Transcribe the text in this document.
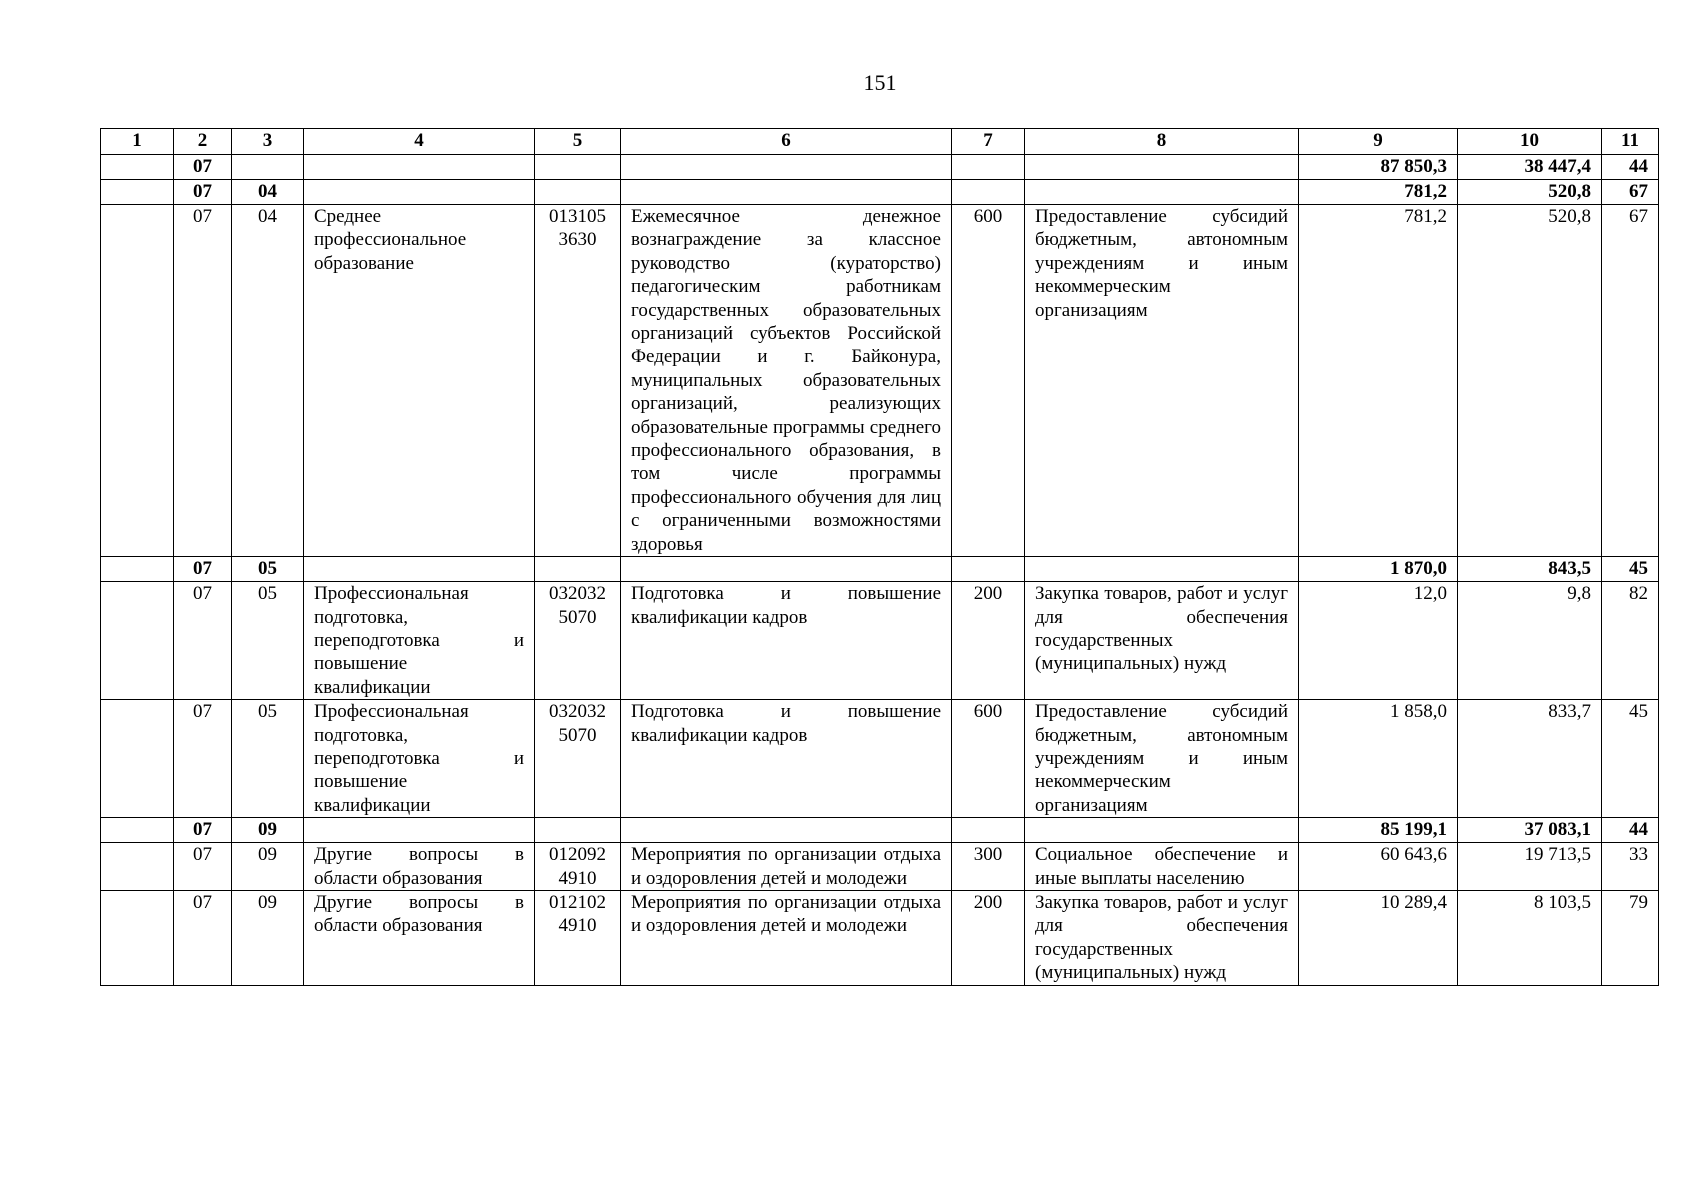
151
1	2	3	4	5	6	7	8	9	10	11
	07							87 850,3	38 447,4	44
	07	04						781,2	520,8	67
	07	04	Среднее профессиональное образование	013105 3630	Ежемесячное денежное вознаграждение за классное руководство (кураторство) педагогическим работникам государственных образовательных организаций субъектов Российской Федерации и г. Байконура, муниципальных образовательных организаций, реализующих образовательные программы среднего профессионального образования, в том числе программы профессионального обучения для лиц с ограниченными возможностями здоровья	600	Предоставление субсидий бюджетным, автономным учреждениям и иным некоммерческим организациям	781,2	520,8	67
	07	05						1 870,0	843,5	45
	07	05	Профессиональная подготовка, переподготовка и повышение квалификации	032032 5070	Подготовка и повышение квалификации кадров	200	Закупка товаров, работ и услуг для обеспечения государственных (муниципальных) нужд	12,0	9,8	82
	07	05	Профессиональная подготовка, переподготовка и повышение квалификации	032032 5070	Подготовка и повышение квалификации кадров	600	Предоставление субсидий бюджетным, автономным учреждениям и иным некоммерческим организациям	1 858,0	833,7	45
	07	09						85 199,1	37 083,1	44
	07	09	Другие вопросы в области образования	012092 4910	Мероприятия по организации отдыха и оздоровления детей и молодежи	300	Социальное обеспечение и иные выплаты населению	60 643,6	19 713,5	33
	07	09	Другие вопросы в области образования	012102 4910	Мероприятия по организации отдыха и оздоровления детей и молодежи	200	Закупка товаров, работ и услуг для обеспечения государственных (муниципальных) нужд	10 289,4	8 103,5	79
